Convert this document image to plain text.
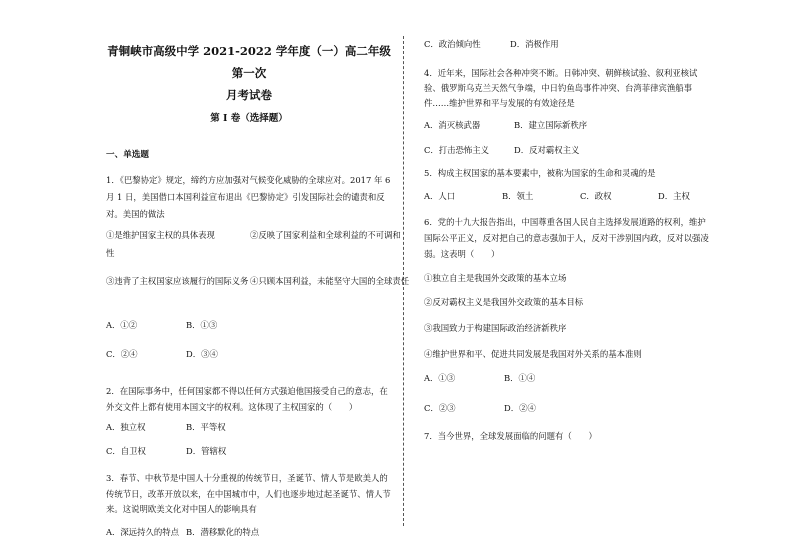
青铜峡市高级中学 2021-2022 学年度（一）高二年级第一次
月考试卷
第 I 卷（选择题）
一、单选题

1．《巴黎协定》规定，缔约方应加强对气候变化威胁的全球应对。2017 年 6 月 1 日，美国借口本国利益宣布退出《巴黎协定》引发国际社会的谴责和反对。美国的做法

①是维护国家主权的具体表现	②反映了国家利益和全球利益的不可调和
性
③违背了主权国家应该履行的国际义务 ④只顾本国利益，未能坚守大国的全球责任
A．①②	B．①③
C．②④	D．③④

2．在国际事务中，任何国家都不得以任何方式强迫他国接受自己的意志，在外交文件上都有使用本国文字的权利。这体现了主权国家的（　　）

A．独立权	B．平等权
C．自卫权	D．管辖权

3．春节、中秋节是中国人十分重视的传统节日，圣诞节、情人节是欧美人的传统节日，改革开放以来，在中国城市中，人们也逐步地过起圣诞节、情人节来。这说明欧美文化对中国人的影响具有

A．深远持久的特点 B．潜移默化的特点
C．政治倾向性	D．消极作用

4．近年来，国际社会各种冲突不断。日韩冲突、朝鲜核试验、叙利亚核试验、俄罗斯乌克兰天然气争端，中日钓鱼岛事件冲突、台湾菲律宾渔船事件……维护世界和平与发展的有效途径是

A．消灭核武器	B．建立国际新秩序
C．打击恐怖主义	D．反对霸权主义

5．构成主权国家的基本要素中，被称为国家的生命和灵魂的是

A．人口	B．领土	C．政权	D．主权

6．党的十九大报告指出，中国尊重各国人民自主选择发展道路的权利，维护国际公平正义，反对把自己的意志强加于人，反对干涉别国内政，反对以强凌弱。这表明（　　）

①独立自主是我国外交政策的基本立场
②反对霸权主义是我国外交政策的基本目标
③我国致力于构建国际政治经济新秩序
④维护世界和平、促进共同发展是我国对外关系的基本准则
A．①③	B．①④
C．②③	D．②④

7．当今世界，全球发展面临的问题有（　　）
